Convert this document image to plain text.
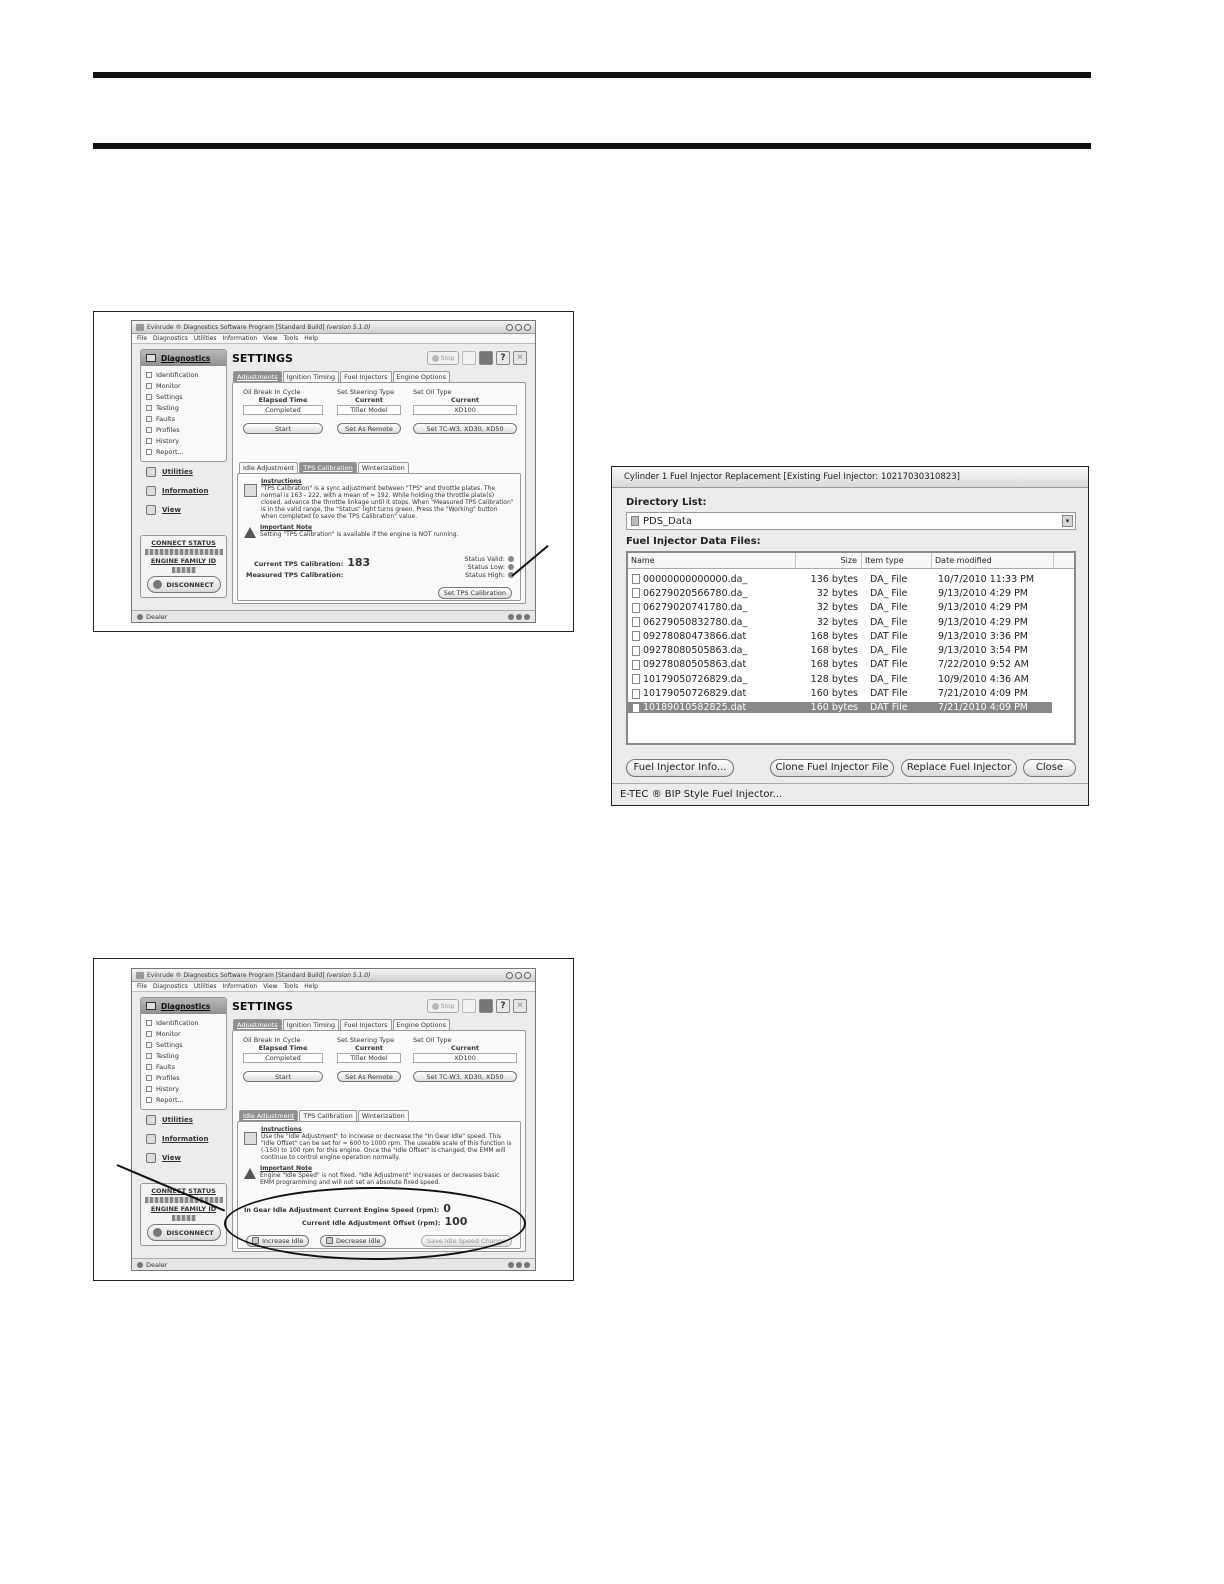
Evinrude ® Diagnostics Software Program [Standard Build] (version 5.1.0)
File Diagnostics Utilities Information View Tools Help
Diagnostics
Identification
Monitor
Settings
Testing
Faults
Profiles
History
Report...
Utilities
Information
View
CONNECT STATUS
ENGINE FAMILY ID
DISCONNECT
SETTINGS	Stop	?	✕
Adjustments	Ignition Timing	Fuel Injectors	Engine Options
Oil Break In Cycle
Elapsed Time
Completed
Start
Set Steering Type
Current
Tiller Model
Set As Remote
Set Oil Type
Current
XD100
Set TC-W3, XD30, XD50
Idle Adjustment	TPS Calibration	Winterization
Instructions
"TPS Calibration" is a sync adjustment between "TPS" and throttle plates. The normal is 163 - 222, with a mean of ≈ 192. While holding the throttle plate(s) closed, advance the throttle linkage until it stops. When "Measured TPS Calibration" is in the valid range, the "Status" light turns green. Press the "Working" button when completed to save the TPS Calibration" value.
Important Note
Setting "TPS Calibration" is available if the engine is NOT running.
Current TPS Calibration: 183
Measured TPS Calibration:
Status Valid:
Status Low:
Status High:
Set TPS Calibration
Dealer
Evinrude ® Diagnostics Software Program [Standard Build] (version 5.1.0)
File Diagnostics Utilities Information View Tools Help
Diagnostics
Identification
Monitor
Settings
Testing
Faults
Profiles
History
Report...
Utilities
Information
View
CONNECT STATUS
ENGINE FAMILY ID
DISCONNECT
SETTINGS	Stop	?	✕
Adjustments	Ignition Timing	Fuel Injectors	Engine Options
Oil Break In Cycle
Elapsed Time
Completed
Start
Set Steering Type
Current
Tiller Model
Set As Remote
Set Oil Type
Current
XD100
Set TC-W3, XD30, XD50
Idle Adjustment	TPS Calibration	Winterization
Instructions
Use the "Idle Adjustment" to increase or decrease the "In Gear Idle" speed. This "Idle Offset" can be set for ≈ 600 to 1000 rpm. The useable scale of this function is (-150) to 100 rpm for this engine. Once the "Idle Offset" is changed, the EMM will continue to control engine operation normally.
Important Note
Engine "Idle Speed" is not fixed. "Idle Adjustment" increases or decreases basic EMM programming and will not set an absolute fixed speed.
In Gear Idle Adjustment Current Engine Speed (rpm): 0
Current Idle Adjustment Offset (rpm): 100
Increase Idle	Decrease Idle	Save Idle Speed Change
Dealer
Cylinder 1 Fuel Injector Replacement [Existing Fuel Injector: 10217030310823]
Directory List:
PDS_Data	▾
Fuel Injector Data Files:
Name	Size	Item type	Date modified
00000000000000.da_	136 bytes	DA_ File	10/7/2010 11:33 PM
06279020566780.da_	32 bytes	DA_ File	9/13/2010 4:29 PM
06279020741780.da_	32 bytes	DA_ File	9/13/2010 4:29 PM
06279050832780.da_	32 bytes	DA_ File	9/13/2010 4:29 PM
09278080473866.dat	168 bytes	DAT File	9/13/2010 3:36 PM
09278080505863.da_	168 bytes	DA_ File	9/13/2010 3:54 PM
09278080505863.dat	168 bytes	DAT File	7/22/2010 9:52 AM
10179050726829.da_	128 bytes	DA_ File	10/9/2010 4:36 AM
10179050726829.dat	160 bytes	DAT File	7/21/2010 4:09 PM
10189010582825.dat	160 bytes	DAT File	7/21/2010 4:09 PM
Fuel Injector Info...	Clone Fuel Injector File	Replace Fuel Injector	Close
E-TEC ® BIP Style Fuel Injector...
